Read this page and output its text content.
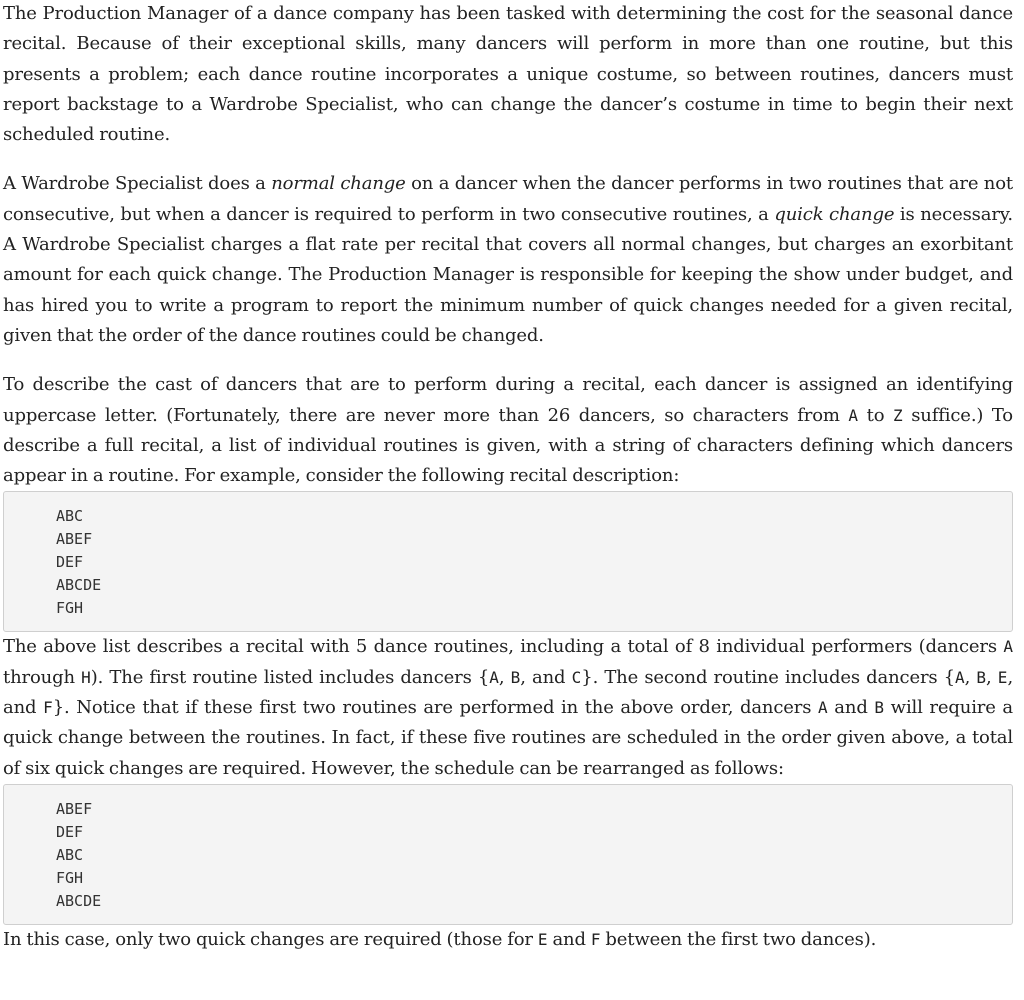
The Production Manager of a dance company has been tasked with determining the cost for the seasonal dance recital. Because of their exceptional skills, many dancers will perform in more than one routine, but this presents a problem; each dance routine incorporates a unique costume, so between routines, dancers must report backstage to a Wardrobe Specialist, who can change the dancer’s costume in time to begin their next scheduled routine.

A Wardrobe Specialist does a normal change on a dancer when the dancer performs in two routines that are not consecutive, but when a dancer is required to perform in two consecutive routines, a quick change is necessary. A Wardrobe Specialist charges a flat rate per recital that covers all normal changes, but charges an exorbitant amount for each quick change. The Production Manager is responsible for keeping the show under budget, and has hired you to write a program to report the minimum number of quick changes needed for a given recital, given that the order of the dance routines could be changed.

To describe the cast of dancers that are to perform during a recital, each dancer is assigned an identifying uppercase letter. (Fortunately, there are never more than 26 dancers, so characters from A to Z suffice.) To describe a full recital, a list of individual routines is given, with a string of characters defining which dancers appear in a routine. For example, consider the following recital description:

ABC
ABEF
DEF
ABCDE
FGH

The above list describes a recital with 5 dance routines, including a total of 8 individual performers (dancers A through H). The first routine listed includes dancers {A, B, and C}. The second routine includes dancers {A, B, E, and F}. Notice that if these first two routines are performed in the above order, dancers A and B will require a quick change between the routines. In fact, if these five routines are scheduled in the order given above, a total of six quick changes are required. However, the schedule can be rearranged as follows:

ABEF
DEF
ABC
FGH
ABCDE

In this case, only two quick changes are required (those for E and F between the first two dances).
